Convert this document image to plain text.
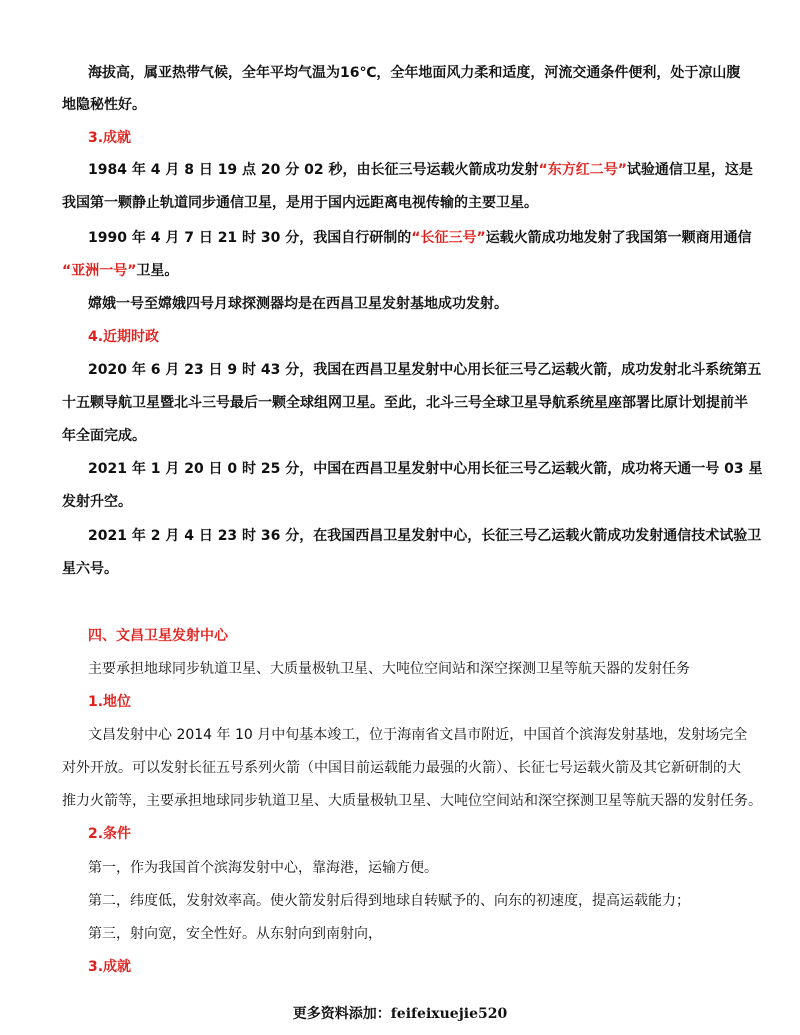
海拔高，属亚热带气候，全年平均气温为16℃，全年地面风力柔和适度，河流交通条件便利，处于凉山腹
地隐秘性好。
3.成就
1984 年 4 月 8 日 19 点 20 分 02 秒，由长征三号运载火箭成功发射“东方红二号”试验通信卫星，这是
我国第一颗静止轨道同步通信卫星，是用于国内远距离电视传输的主要卫星。
1990 年 4 月 7 日 21 时 30 分，我国自行研制的“长征三号”运载火箭成功地发射了我国第一颗商用通信
“亚洲一号”卫星。
嫦娥一号至嫦娥四号月球探测器均是在西昌卫星发射基地成功发射。
4.近期时政
2020 年 6 月 23 日 9 时 43 分，我国在西昌卫星发射中心用长征三号乙运载火箭，成功发射北斗系统第五
十五颗导航卫星暨北斗三号最后一颗全球组网卫星。至此，北斗三号全球卫星导航系统星座部署比原计划提前半
年全面完成。
2021 年 1 月 20 日 0 时 25 分，中国在西昌卫星发射中心用长征三号乙运载火箭，成功将天通一号 03 星
发射升空。
2021 年 2 月 4 日 23 时 36 分，在我国西昌卫星发射中心，长征三号乙运载火箭成功发射通信技术试验卫
星六号。
四、文昌卫星发射中心
主要承担地球同步轨道卫星、大质量极轨卫星、大吨位空间站和深空探测卫星等航天器的发射任务
1.地位
文昌发射中心 2014 年 10 月中旬基本竣工，位于海南省文昌市附近，中国首个滨海发射基地，发射场完全
对外开放。可以发射长征五号系列火箭（中国目前运载能力最强的火箭）、长征七号运载火箭及其它新研制的大
推力火箭等，主要承担地球同步轨道卫星、大质量极轨卫星、大吨位空间站和深空探测卫星等航天器的发射任务。
2.条件
第一，作为我国首个滨海发射中心，靠海港，运输方便。
第二，纬度低，发射效率高。使火箭发射后得到地球自转赋予的、向东的初速度，提高运载能力；
第三，射向宽，安全性好。从东射向到南射向，
3.成就
更多资料添加：feifeixuejie520
